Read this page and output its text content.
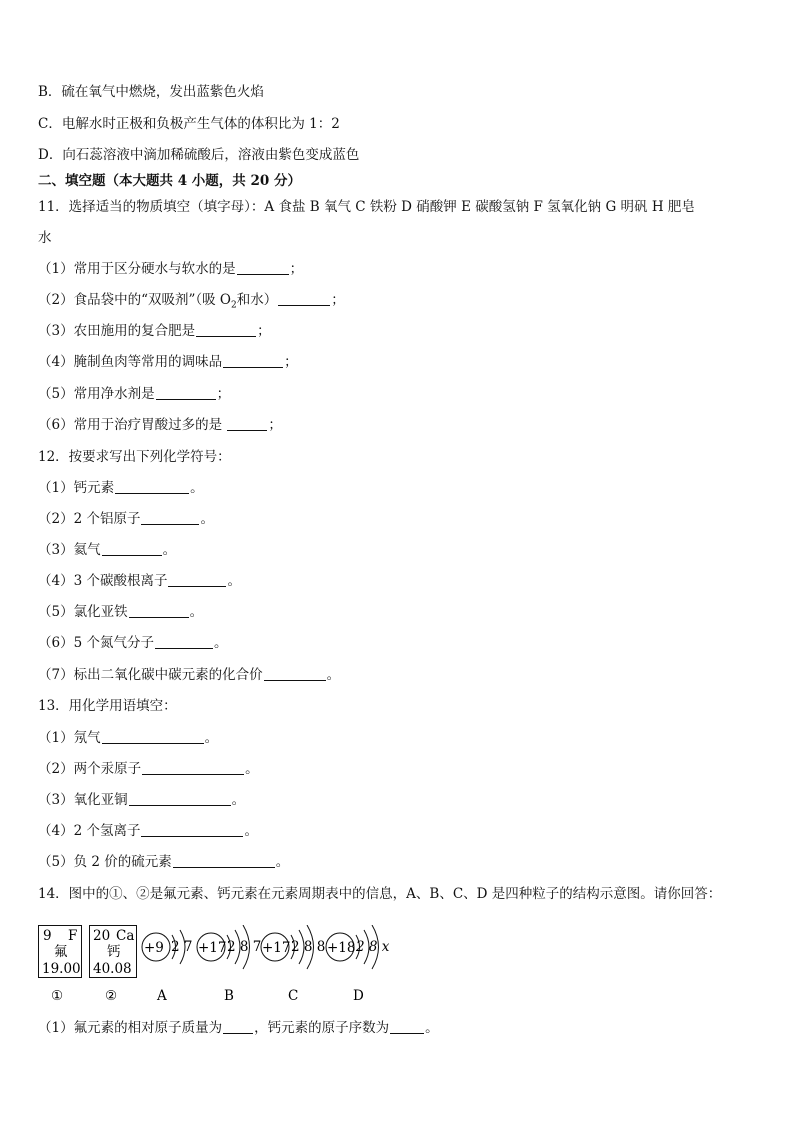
B．硫在氧气中燃烧，发出蓝紫色火焰
C．电解水时正极和负极产生气体的体积比为 1：2
D．向石蕊溶液中滴加稀硫酸后，溶液由紫色变成蓝色
二、填空题（本大题共 4 小题，共 20 分）
11．选择适当的物质填空（填字母）：A 食盐 B 氧气 C 铁粉 D 硝酸钾 E 碳酸氢钠 F 氢氧化钠 G 明矾 H 肥皂
水
（1）常用于区分硬水与软水的是	；
（2）食品袋中的“双吸剂”（吸 $O_2$和水）	；
（3）农田施用的复合肥是	；
（4）腌制鱼肉等常用的调味品	；
（5）常用净水剂是	；
（6）常用于治疗胃酸过多的是	；
12．按要求写出下列化学符号：
（1）钙元素	。
（2）2 个铝原子	。
（3）氦气	。
（4）3 个碳酸根离子	。
（5）氯化亚铁	。
（6）5 个氮气分子	。
（7）标出二氧化碳中碳元素的化合价	。
13．用化学用语填空：
（1）氖气	。
（2）两个汞原子	。
（3）氧化亚铜	。
（4）2 个氢离子	。
（5）负 2 价的硫元素	。
14．图中的①、②是氟元素、钙元素在元素周期表中的信息，A、B、C、D 是四种粒子的结构示意图。请你回答：
9 F
氟
19.00
①
20 Ca
钙
40.08
②
+9 2 7
A
+17 2 8 7
B
+17 2 8 8
C
+18 2 8 x
D
（1）氟元素的相对原子质量为 ，钙元素的原子序数为	。
